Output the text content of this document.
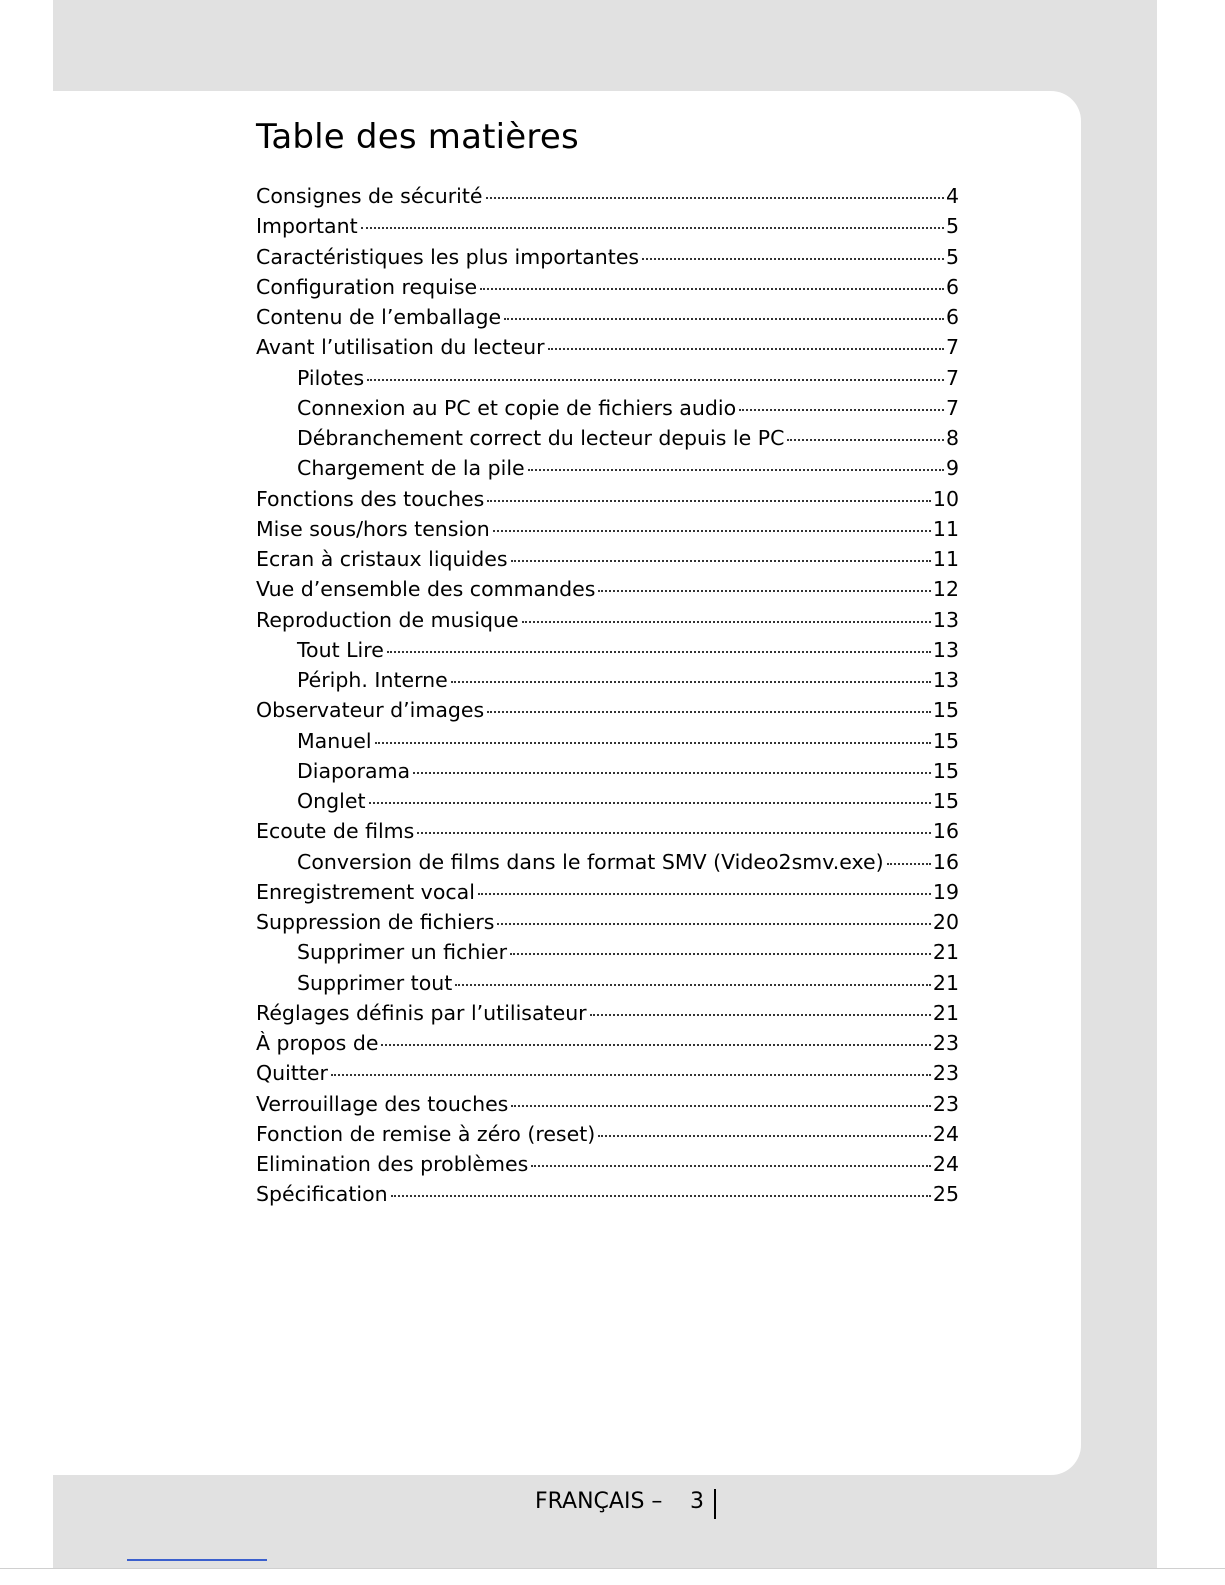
Table des matières
Consignes de sécurité	4
Important	5
Caractéristiques les plus importantes	5
Configuration requise	6
Contenu de l’emballage	6
Avant l’utilisation du lecteur	7
Pilotes	7
Connexion au PC et copie de fichiers audio	7
Débranchement correct du lecteur depuis le PC	8
Chargement de la pile	9
Fonctions des touches	10
Mise sous/hors tension	11
Ecran à cristaux liquides	11
Vue d’ensemble des commandes	12
Reproduction de musique	13
Tout Lire	13
Périph. Interne	13
Observateur d’images	15
Manuel	15
Diaporama	15
Onglet	15
Ecoute de films	16
Conversion de films dans le format SMV (Video2smv.exe) 16
Enregistrement vocal	19
Suppression de fichiers	20
Supprimer un fichier	21
Supprimer tout	21
Réglages définis par l’utilisateur	21
À propos de	23
Quitter	23
Verrouillage des touches	23
Fonction de remise à zéro (reset)	24
Elimination des problèmes	24
Spécification	25
FRANÇAIS – 3
